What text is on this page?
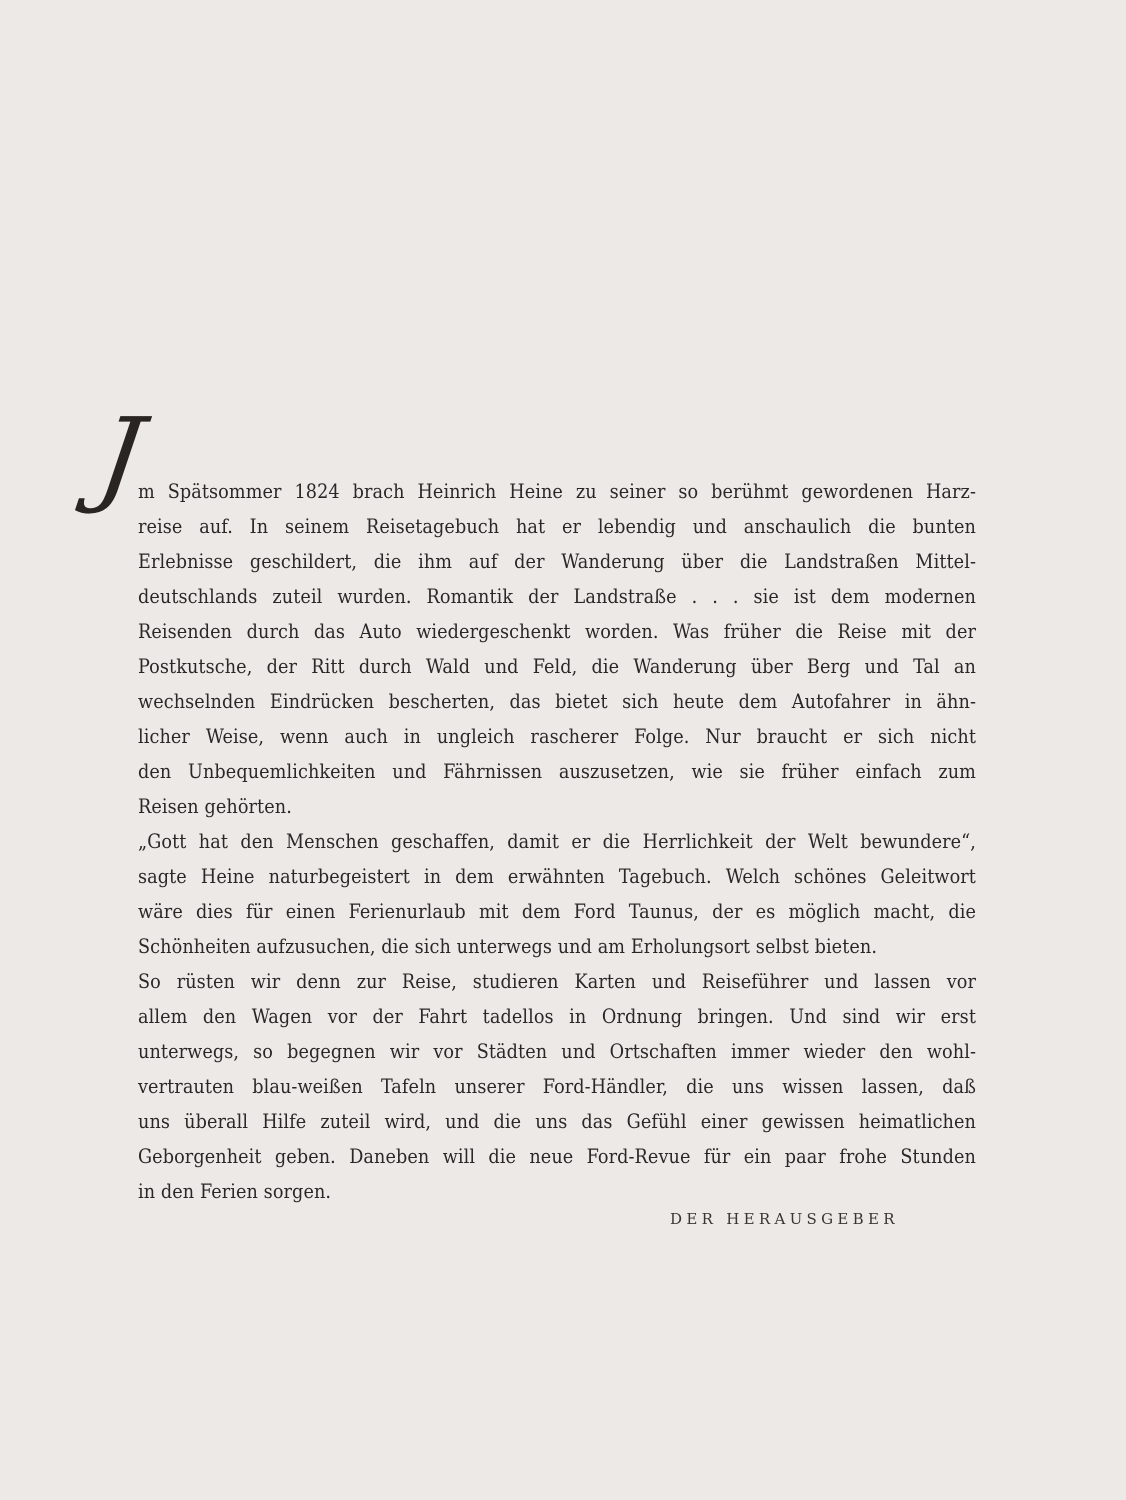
J
m Spätsommer 1824 brach Heinrich Heine zu seiner so berühmt gewordenen Harz-
reise auf. In seinem Reisetagebuch hat er lebendig und anschaulich die bunten
Erlebnisse geschildert, die ihm auf der Wanderung über die Landstraßen Mittel-
deutschlands zuteil wurden. Romantik der Landstraße . . . sie ist dem modernen
Reisenden durch das Auto wiedergeschenkt worden. Was früher die Reise mit der
Postkutsche, der Ritt durch Wald und Feld, die Wanderung über Berg und Tal an
wechselnden Eindrücken bescherten, das bietet sich heute dem Autofahrer in ähn-
licher Weise, wenn auch in ungleich rascherer Folge. Nur braucht er sich nicht
den Unbequemlichkeiten und Fährnissen auszusetzen, wie sie früher einfach zum
Reisen gehörten.
„Gott hat den Menschen geschaffen, damit er die Herrlichkeit der Welt bewundere“,
sagte Heine naturbegeistert in dem erwähnten Tagebuch. Welch schönes Geleitwort
wäre dies für einen Ferienurlaub mit dem Ford Taunus, der es möglich macht, die
Schönheiten aufzusuchen, die sich unterwegs und am Erholungsort selbst bieten.
So rüsten wir denn zur Reise, studieren Karten und Reiseführer und lassen vor
allem den Wagen vor der Fahrt tadellos in Ordnung bringen. Und sind wir erst
unterwegs, so begegnen wir vor Städten und Ortschaften immer wieder den wohl-
vertrauten blau-weißen Tafeln unserer Ford-Händler, die uns wissen lassen, daß
uns überall Hilfe zuteil wird, und die uns das Gefühl einer gewissen heimatlichen
Geborgenheit geben. Daneben will die neue Ford-Revue für ein paar frohe Stunden
in den Ferien sorgen.
DER HERAUSGEBER
